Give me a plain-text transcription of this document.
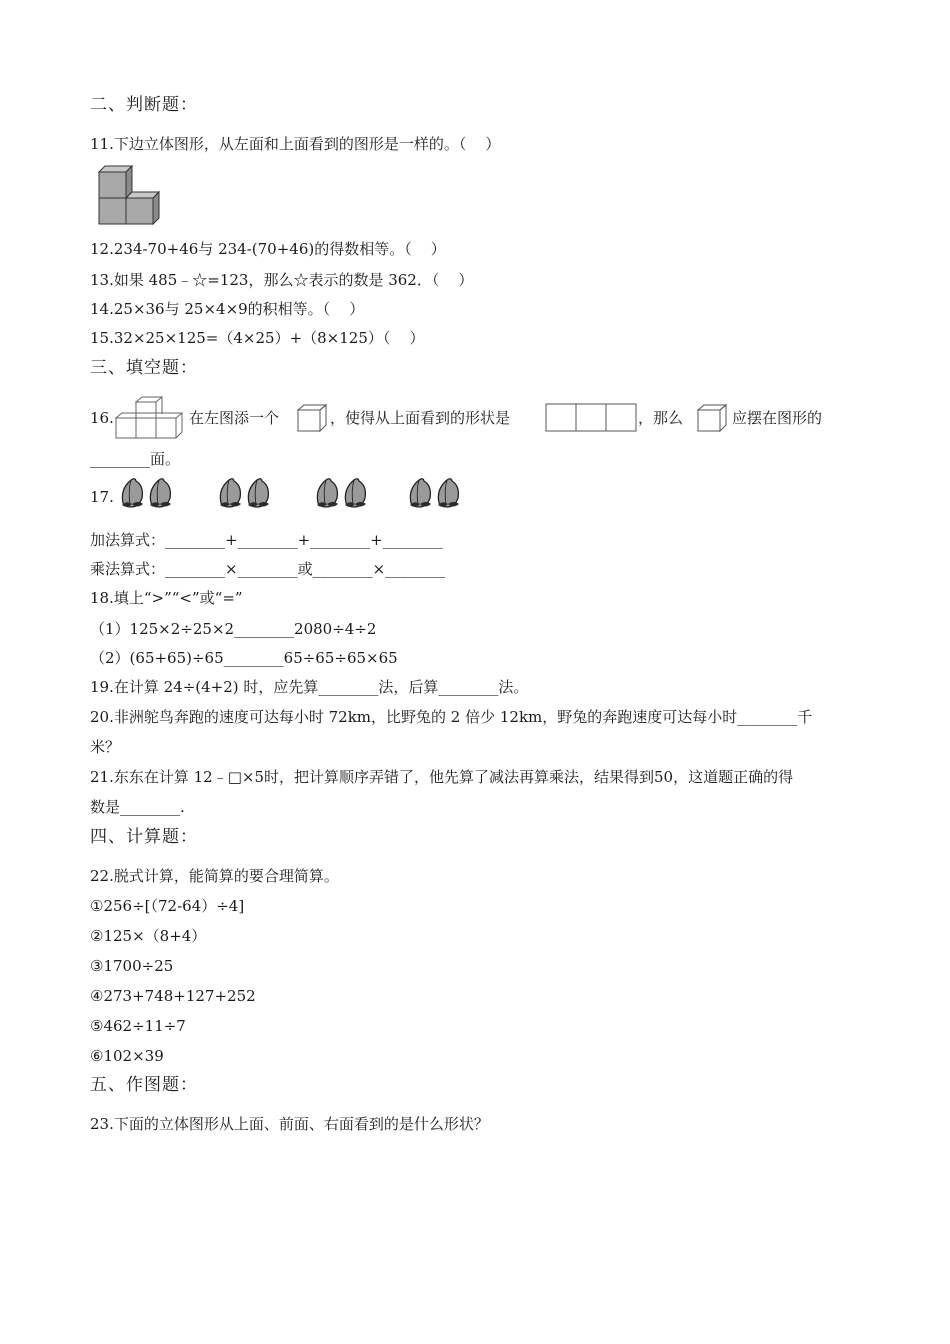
二、判断题：
11.下边立体图形，从左面和上面看到的图形是一样的。（    ）
12.234-70+46与 234-(70+46)的得数相等。（    ）
13.如果 485﹣☆=123，那么☆表示的数是 362．（    ）
14.25×36与 25×4×9的积相等。（    ）
15.32×25×125=（4×25）+（8×125）（    ）
三、填空题：
16.	在左图添一个	，使得从上面看到的形状是	，那么	应摆在图形的
________面。
17.
加法算式：________+________+________+________
乘法算式：________×________或________×________
18.填上“>”“<”或“=”
（1）125×2÷25×2________2080÷4÷2
（2）(65+65)÷65________65÷65÷65×65
19.在计算 24÷(4+2) 时，应先算________法，后算________法。
20.非洲鸵鸟奔跑的速度可达每小时 72km，比野兔的 2 倍少 12km，野兔的奔跑速度可达每小时________千
米？
21.东东在计算 12﹣□×5时，把计算顺序弄错了，他先算了减法再算乘法，结果得到50，这道题正确的得
数是________.
四、计算题：
22.脱式计算，能简算的要合理简算。
①256÷[（72-64）÷4]
②125×（8+4）
③1700÷25
④273+748+127+252
⑤462÷11÷7
⑥102×39
五、作图题：
23.下面的立体图形从上面、前面、右面看到的是什么形状？
